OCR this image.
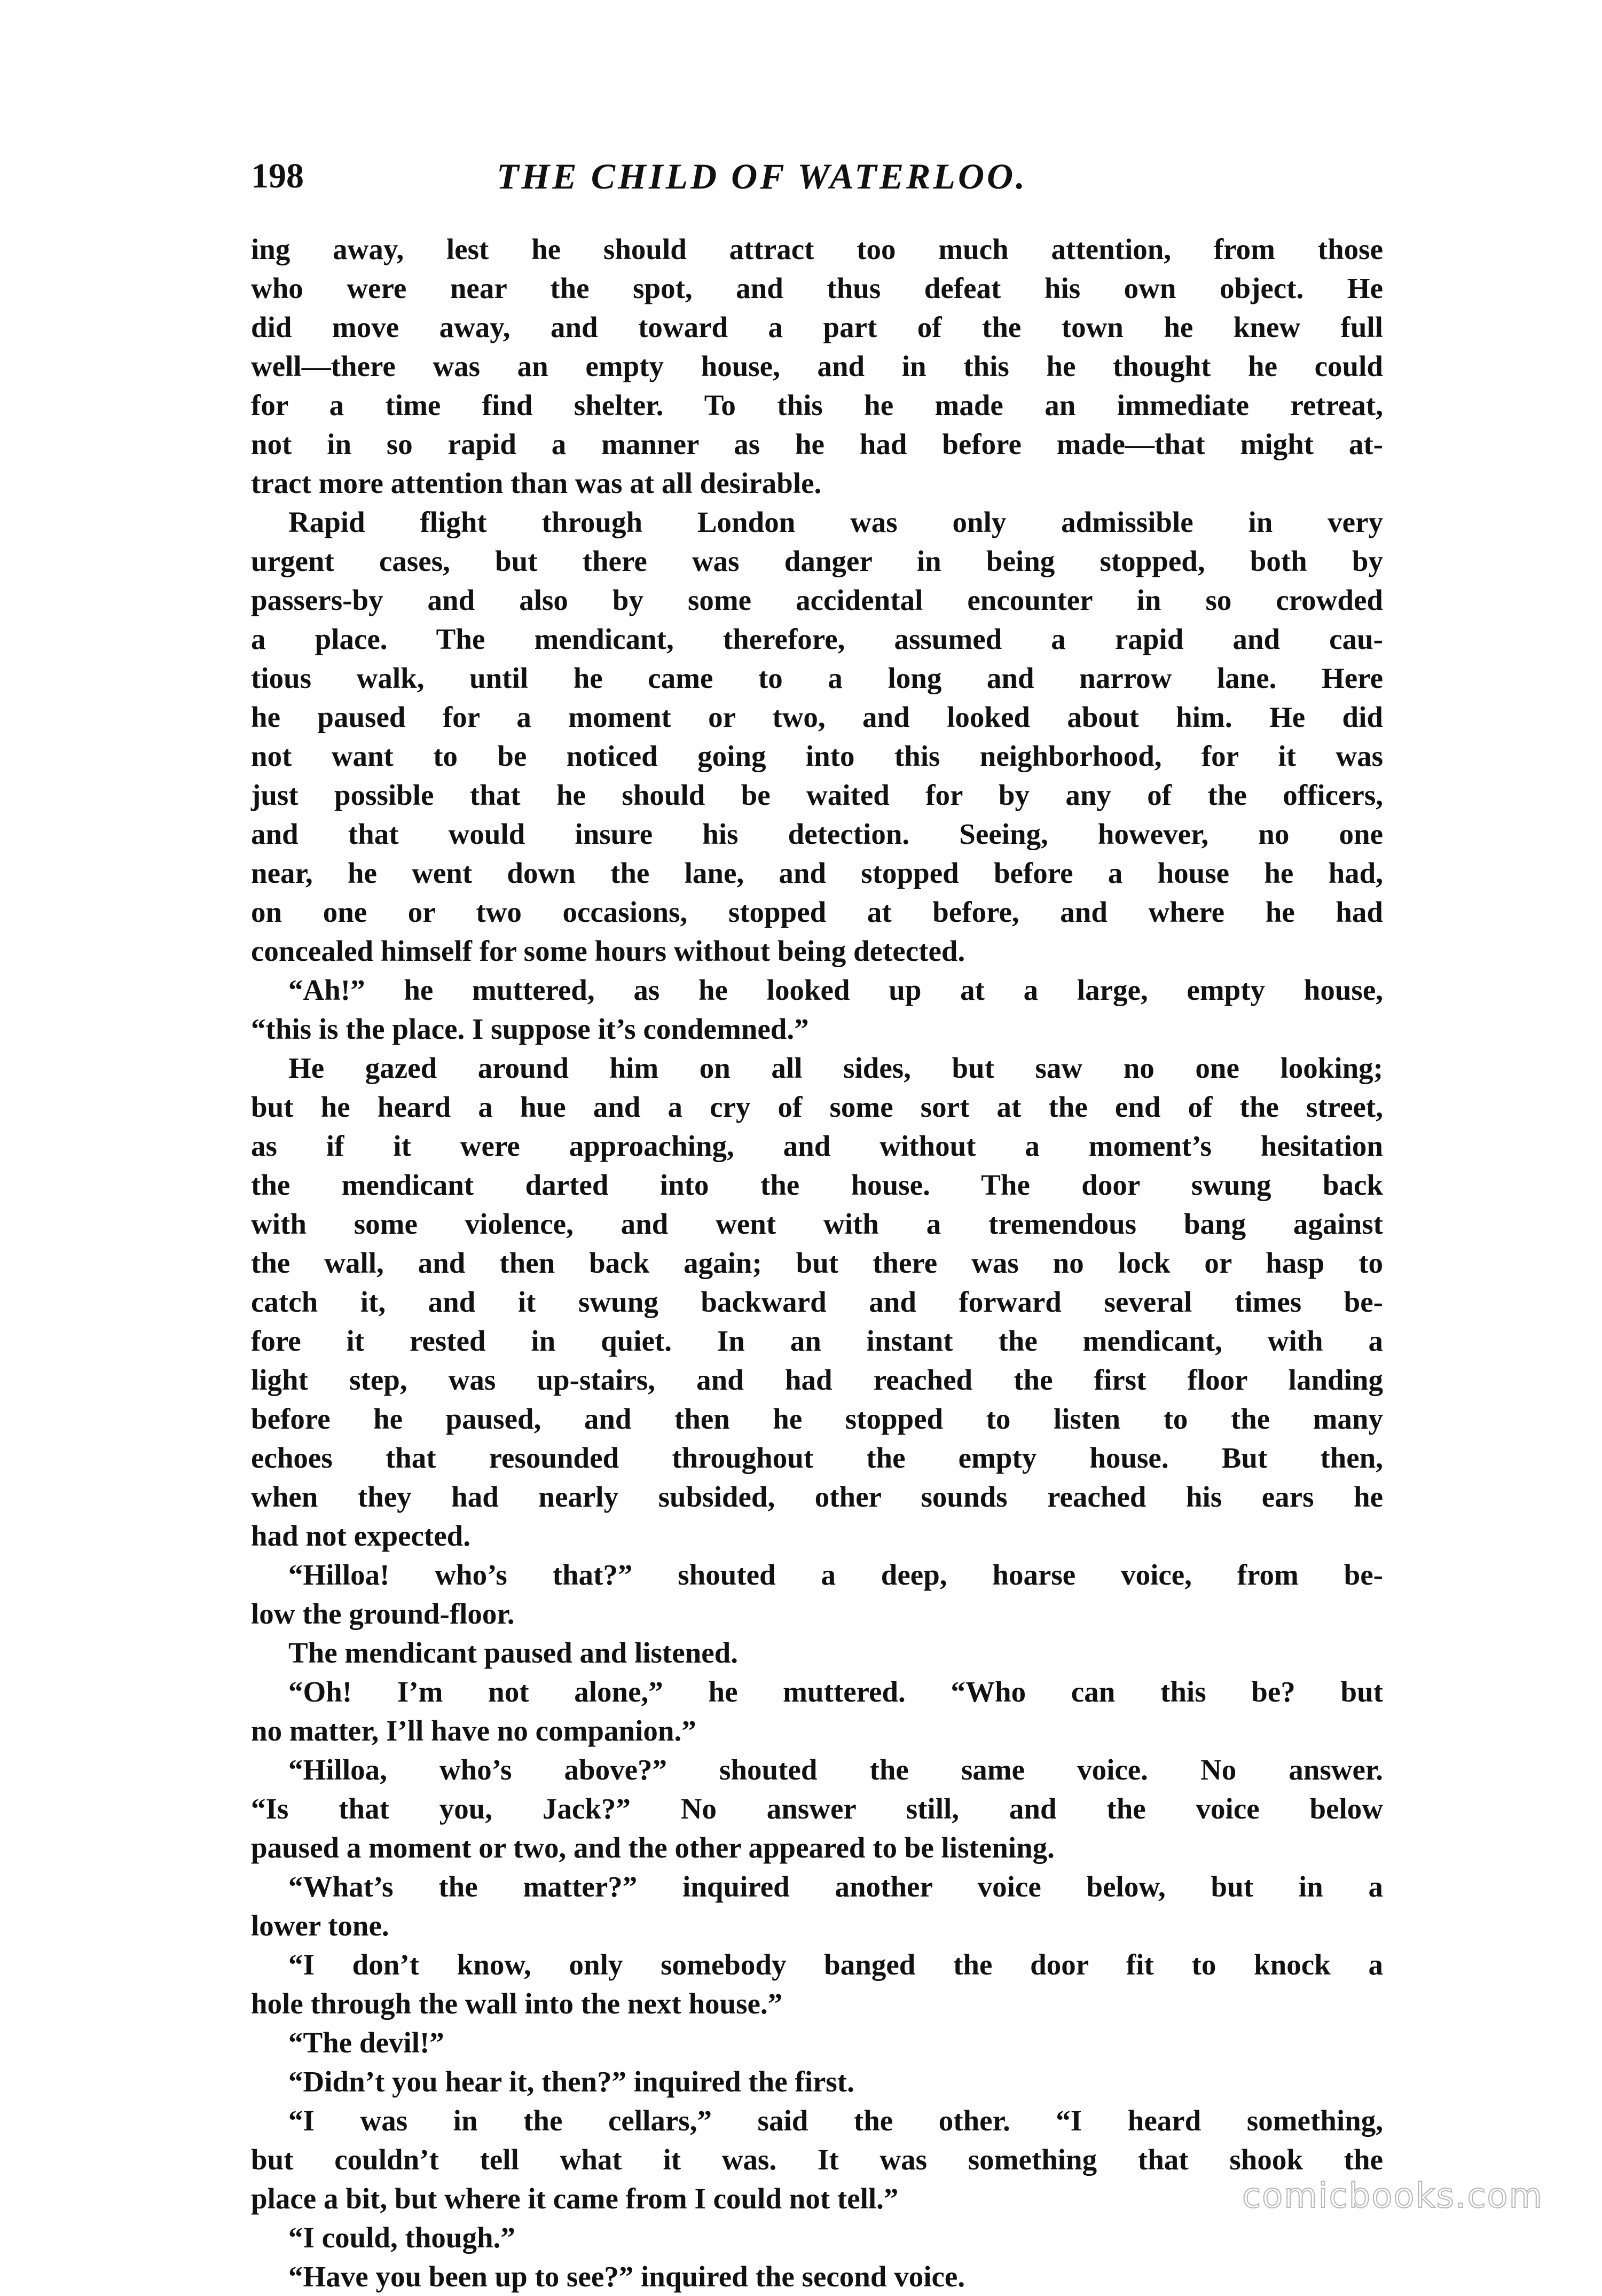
198	THE CHILD OF WATERLOO.
ing away, lest he should attract too much attention, from those
who were near the spot, and thus defeat his own object. He
did move away, and toward a part of the town he knew full
well—there was an empty house, and in this he thought he could
for a time find shelter. To this he made an immediate retreat,
not in so rapid a manner as he had before made—that might at-
tract more attention than was at all desirable.
Rapid flight through London was only admissible in very
urgent cases, but there was danger in being stopped, both by
passers-by and also by some accidental encounter in so crowded
a place. The mendicant, therefore, assumed a rapid and cau-
tious walk, until he came to a long and narrow lane. Here
he paused for a moment or two, and looked about him. He did
not want to be noticed going into this neighborhood, for it was
just possible that he should be waited for by any of the officers,
and that would insure his detection. Seeing, however, no one
near, he went down the lane, and stopped before a house he had,
on one or two occasions, stopped at before, and where he had
concealed himself for some hours without being detected.
“Ah!” he muttered, as he looked up at a large, empty house,
“this is the place. I suppose it’s condemned.”
He gazed around him on all sides, but saw no one looking;
but he heard a hue and a cry of some sort at the end of the street,
as if it were approaching, and without a moment’s hesitation
the mendicant darted into the house. The door swung back
with some violence, and went with a tremendous bang against
the wall, and then back again; but there was no lock or hasp to
catch it, and it swung backward and forward several times be-
fore it rested in quiet. In an instant the mendicant, with a
light step, was up-stairs, and had reached the first floor landing
before he paused, and then he stopped to listen to the many
echoes that resounded throughout the empty house. But then,
when they had nearly subsided, other sounds reached his ears he
had not expected.
“Hilloa! who’s that?” shouted a deep, hoarse voice, from be-
low the ground-floor.
The mendicant paused and listened.
“Oh! I’m not alone,” he muttered. “Who can this be? but
no matter, I’ll have no companion.”
“Hilloa, who’s above?” shouted the same voice. No answer.
“Is that you, Jack?” No answer still, and the voice below
paused a moment or two, and the other appeared to be listening.
“What’s the matter?” inquired another voice below, but in a
lower tone.
“I don’t know, only somebody banged the door fit to knock a
hole through the wall into the next house.”
“The devil!”
“Didn’t you hear it, then?” inquired the first.
“I was in the cellars,” said the other. “I heard something,
but couldn’t tell what it was. It was something that shook the
place a bit, but where it came from I could not tell.”
“I could, though.”
“Have you been up to see?” inquired the second voice.
comicbooks.com
